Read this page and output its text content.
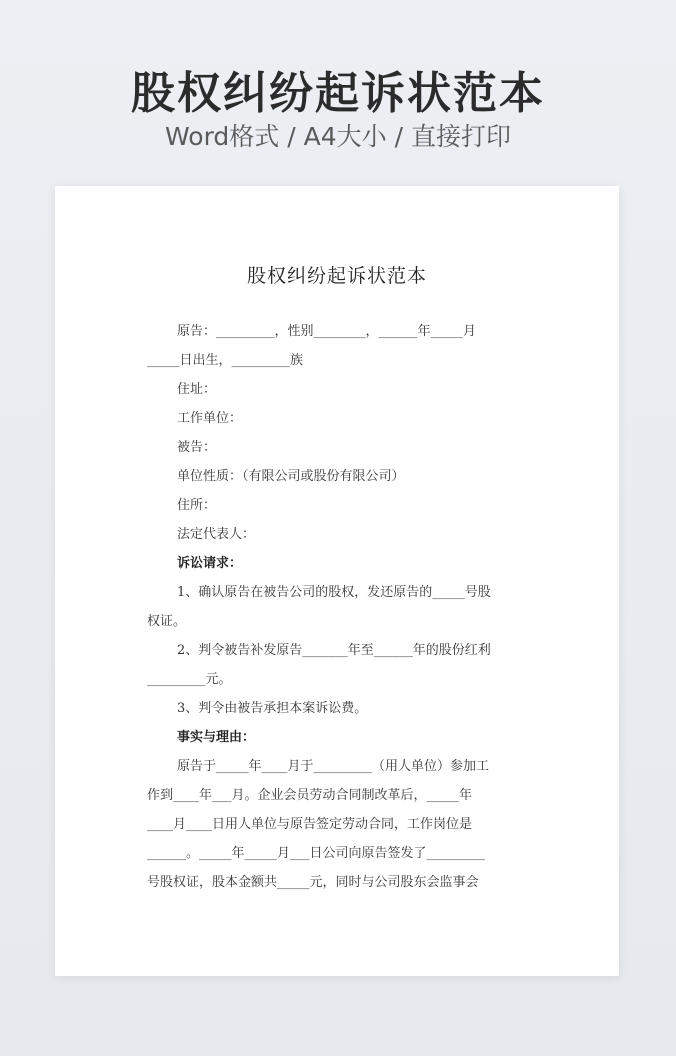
股权纠纷起诉状范本
Word格式 / A4大小 / 直接打印
股权纠纷起诉状范本

原告：_________，性别________，______年_____月

_____日出生，_________族

住址：

工作单位：

被告：

单位性质：（有限公司或股份有限公司）

住所：

法定代表人：

诉讼请求：

1、确认原告在被告公司的股权，发还原告的_____号股

权证。

2、判令被告补发原告_______年至______年的股份红利

_________元。

3、判令由被告承担本案诉讼费。

事实与理由：

原告于_____年____月于_________（用人单位）参加工

作到____年___月。企业会员劳动合同制改革后，_____年
____月____日用人单位与原告签定劳动合同，工作岗位是
______。_____年_____月___日公司向原告签发了_________
号股权证，股本金额共_____元，同时与公司股东会监事会
